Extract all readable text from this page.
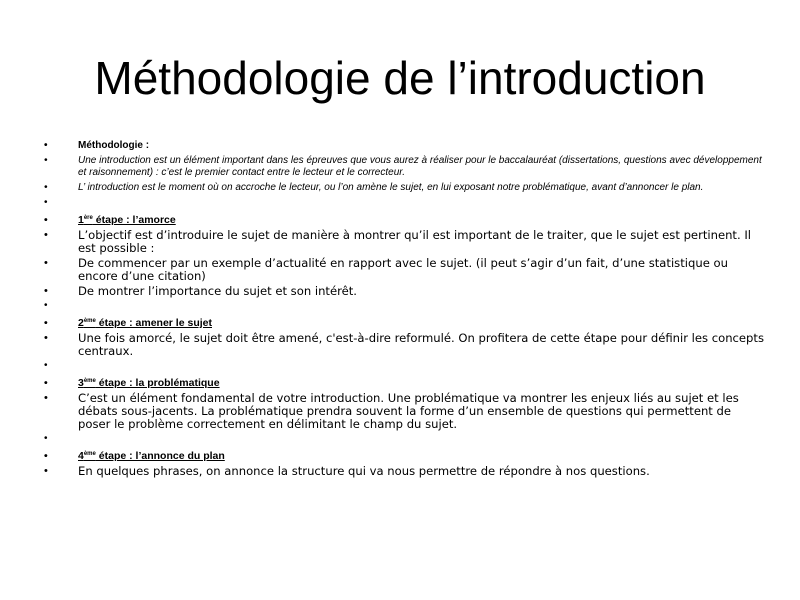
Méthodologie de l’introduction
• Méthodologie :
• Une introduction est un élément important dans les épreuves que vous aurez à réaliser pour le baccalauréat (dissertations, questions avec développement et raisonnement) : c’est le premier contact entre le lecteur et le correcteur.
• L’ introduction est le moment où on accroche le lecteur, ou l’on amène le sujet, en lui exposant notre problématique, avant d’annoncer le plan.
•
• 1ère étape : l’amorce
• L’objectif est d’introduire le sujet de manière à montrer qu’il est important de le traiter, que le sujet est pertinent. Il est possible :
• De commencer par un exemple d’actualité en rapport avec le sujet. (il peut s’agir d’un fait, d’une statistique ou encore d’une citation)
• De montrer l’importance du sujet et son intérêt.
•
• 2ème étape : amener le sujet
• Une fois amorcé, le sujet doit être amené, c'est-à-dire reformulé. On profitera de cette étape pour définir les concepts centraux.
•
• 3ème étape : la problématique
• C’est un élément fondamental de votre introduction. Une problématique va montrer les enjeux liés au sujet et les débats sous-jacents. La problématique prendra souvent la forme d’un ensemble de questions qui permettent de poser le problème correctement en délimitant le champ du sujet.
•
• 4ème étape : l’annonce du plan
• En quelques phrases, on annonce la structure qui va nous permettre de répondre à nos questions.
